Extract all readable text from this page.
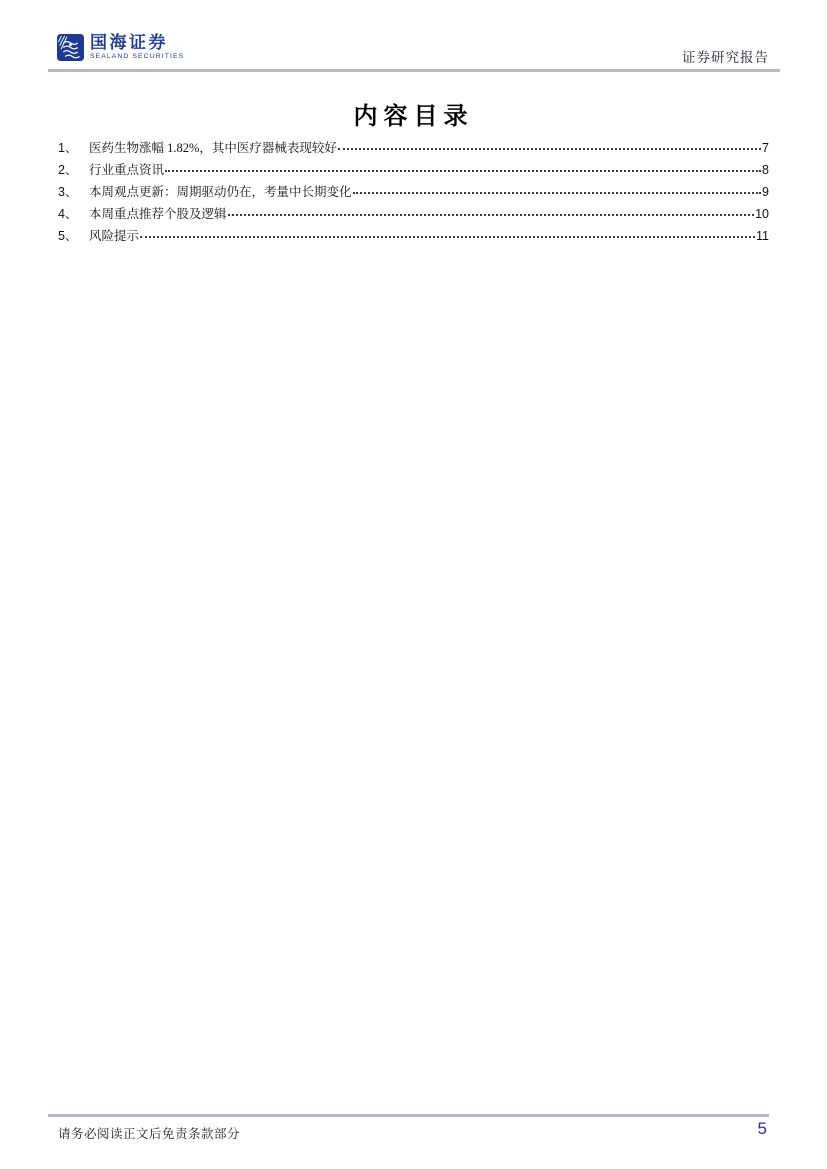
国海证券
SEALAND SECURITIES	证券研究报告
内容目录
1、 医药生物涨幅 1.82%，其中医疗器械表现较好	7
2、 行业重点资讯	8
3、 本周观点更新：周期驱动仍在，考量中长期变化	9
4、 本周重点推荐个股及逻辑	10
5、 风险提示	11
请务必阅读正文后免责条款部分	5
